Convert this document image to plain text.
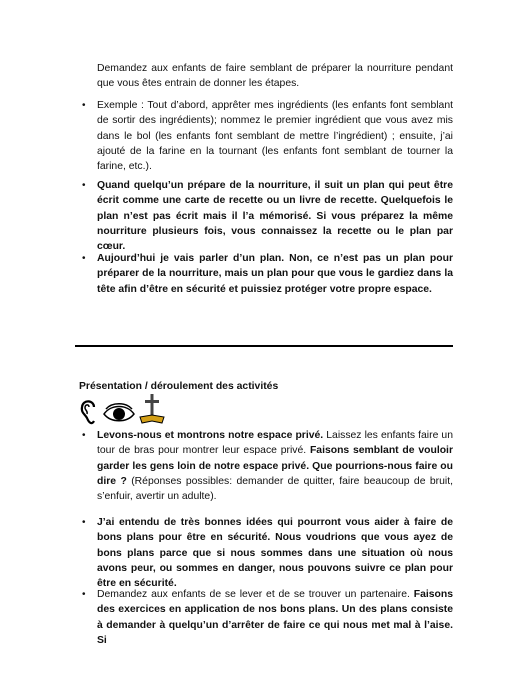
Demandez aux enfants de faire semblant de préparer la nourriture pendant que vous êtes entrain de donner les étapes.
• Exemple : Tout d’abord, apprêter mes ingrédients (les enfants font semblant de sortir des ingrédients); nommez le premier ingrédient que vous avez mis dans le bol (les enfants font semblant de mettre l’ingrédient) ; ensuite, j’ai ajouté de la farine en la tournant (les enfants font semblant de tourner la farine, etc.).
• Quand quelqu’un prépare de la nourriture, il suit un plan qui peut être écrit comme une carte de recette ou un livre de recette. Quelquefois le plan n’est pas écrit mais il l’a mémorisé. Si vous préparez la même nourriture plusieurs fois, vous connaissez la recette ou le plan par cœur.
• Aujourd’hui je vais parler d’un plan. Non, ce n’est pas un plan pour préparer de la nourriture, mais un plan pour que vous le gardiez dans la tête afin d’être en sécurité et puissiez protéger votre propre espace.
Présentation / déroulement des activités
• Levons-nous et montrons notre espace privé. Laissez les enfants faire un tour de bras pour montrer leur espace privé. Faisons semblant de vouloir garder les gens loin de notre espace privé. Que pourrions-nous faire ou dire ? (Réponses possibles: demander de quitter, faire beaucoup de bruit, s’enfuir, avertir un adulte).
• J’ai entendu de très bonnes idées qui pourront vous aider à faire de bons plans pour être en sécurité. Nous voudrions que vous ayez de bons plans parce que si nous sommes dans une situation où nous avons peur, ou sommes en danger, nous pouvons suivre ce plan pour être en sécurité.
• Demandez aux enfants de se lever et de se trouver un partenaire. Faisons des exercices en application de nos bons plans. Un des plans consiste à demander à quelqu’un d’arrêter de faire ce qui nous met mal à l’aise. Si
